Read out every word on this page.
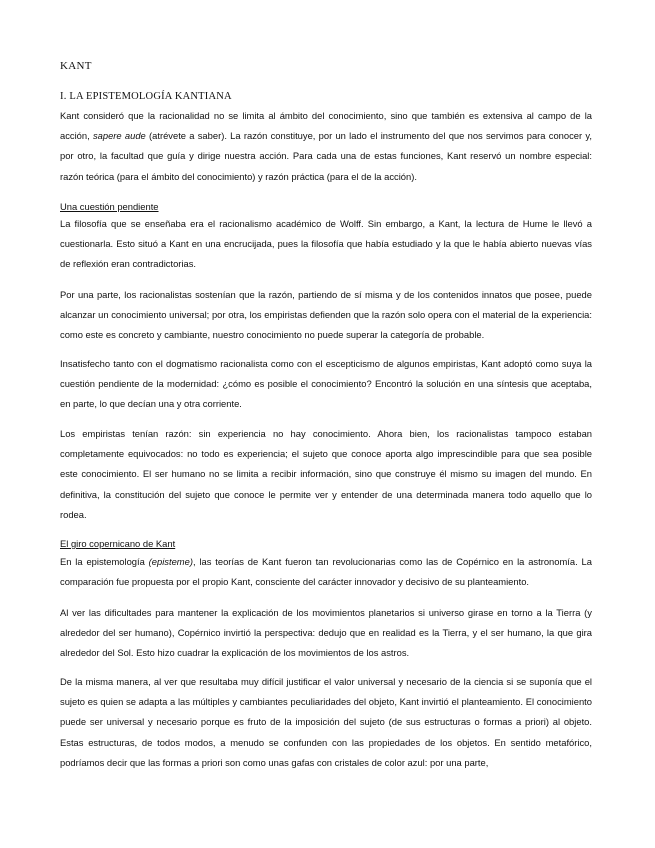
KANT
I. LA EPISTEMOLOGÍA KANTIANA

Kant consideró que la racionalidad no se limita al ámbito del conocimiento, sino que también es extensiva al campo de la acción, sapere aude (atrévete a saber). La razón constituye, por un lado el instrumento del que nos servimos para conocer y, por otro, la facultad que guía y dirige nuestra acción. Para cada una de estas funciones, Kant reservó un nombre especial: razón teórica (para el ámbito del conocimiento) y razón práctica (para el de la acción).

Una cuestión pendiente

La filosofía que se enseñaba era el racionalismo académico de Wolff. Sin embargo, a Kant, la lectura de Hume le llevó a cuestionarla. Esto situó a Kant en una encrucijada, pues la filosofía que había estudiado y la que le había abierto nuevas vías de reflexión eran contradictorias.

Por una parte, los racionalistas sostenían que la razón, partiendo de sí misma y de los contenidos innatos que posee, puede alcanzar un conocimiento universal; por otra, los empiristas defienden que la razón solo opera con el material de la experiencia: como este es concreto y cambiante, nuestro conocimiento no puede superar la categoría de probable.

Insatisfecho tanto con el dogmatismo racionalista como con el escepticismo de algunos empiristas, Kant adoptó como suya la cuestión pendiente de la modernidad: ¿cómo es posible el conocimiento? Encontró la solución en una síntesis que aceptaba, en parte, lo que decían una y otra corriente.

Los empiristas tenían razón: sin experiencia no hay conocimiento. Ahora bien, los racionalistas tampoco estaban completamente equivocados: no todo es experiencia; el sujeto que conoce aporta algo imprescindible para que sea posible este conocimiento. El ser humano no se limita a recibir información, sino que construye él mismo su imagen del mundo. En definitiva, la constitución del sujeto que conoce le permite ver y entender de una determinada manera todo aquello que lo rodea.

El giro copernicano de Kant

En la epistemología (episteme), las teorías de Kant fueron tan revolucionarias como las de Copérnico en la astronomía. La comparación fue propuesta por el propio Kant, consciente del carácter innovador y decisivo de su planteamiento.

Al ver las dificultades para mantener la explicación de los movimientos planetarios si universo girase en torno a la Tierra (y alrededor del ser humano), Copérnico invirtió la perspectiva: dedujo que en realidad es la Tierra, y el ser humano, la que gira alrededor del Sol. Esto hizo cuadrar la explicación de los movimientos de los astros.

De la misma manera, al ver que resultaba muy difícil justificar el valor universal y necesario de la ciencia si se suponía que el sujeto es quien se adapta a las múltiples y cambiantes peculiaridades del objeto, Kant invirtió el planteamiento. El conocimiento puede ser universal y necesario porque es fruto de la imposición del sujeto (de sus estructuras o formas a priori) al objeto. Estas estructuras, de todos modos, a menudo se confunden con las propiedades de los objetos. En sentido metafórico, podríamos decir que las formas a priori son como unas gafas con cristales de color azul: por una parte,
